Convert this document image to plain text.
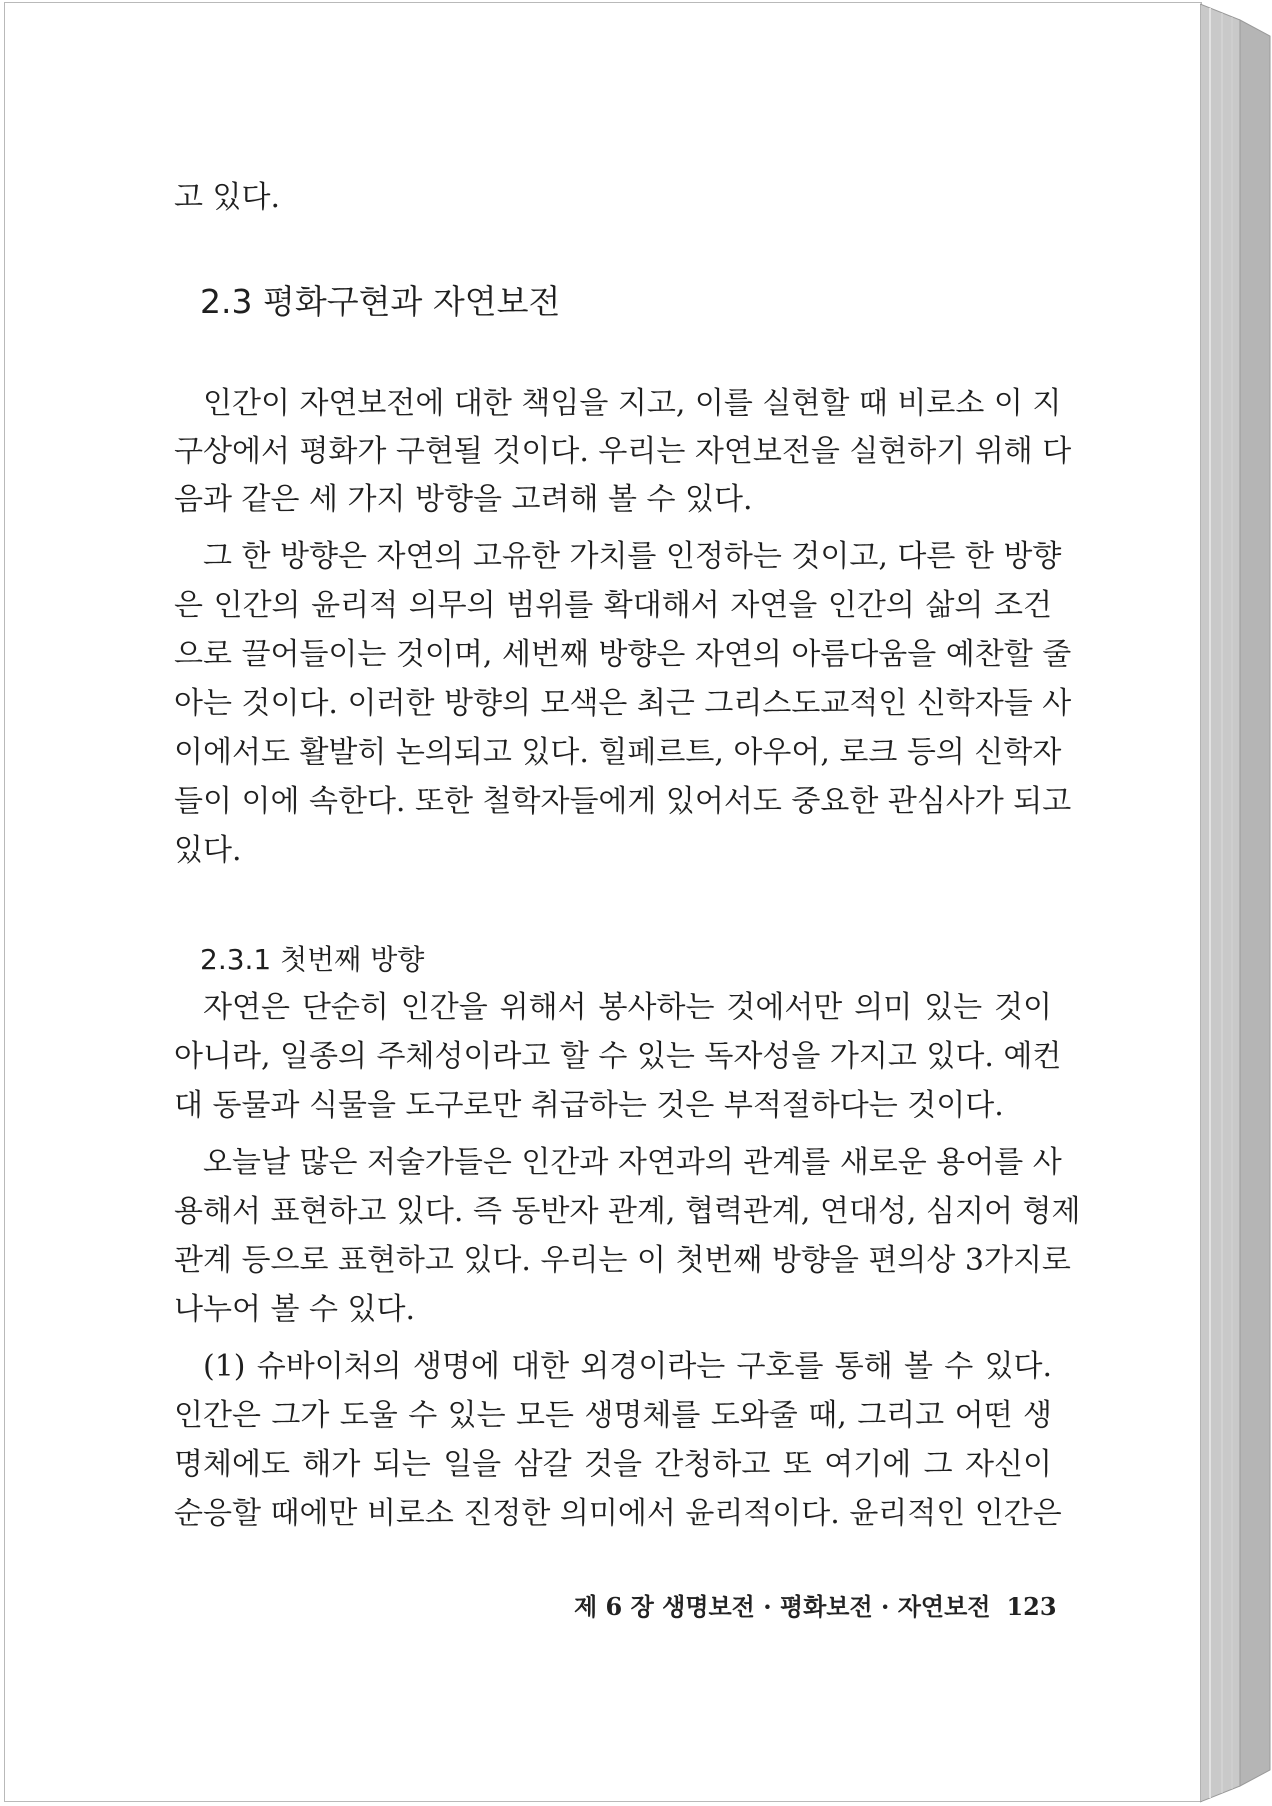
고 있다.
2.3 평화구현과 자연보전
인간이 자연보전에 대한 책임을 지고, 이를 실현할 때 비로소 이 지
구상에서 평화가 구현될 것이다. 우리는 자연보전을 실현하기 위해 다
음과 같은 세 가지 방향을 고려해 볼 수 있다.
그 한 방향은 자연의 고유한 가치를 인정하는 것이고, 다른 한 방향
은 인간의 윤리적 의무의 범위를 확대해서 자연을 인간의 삶의 조건
으로 끌어들이는 것이며, 세번째 방향은 자연의 아름다움을 예찬할 줄
아는 것이다. 이러한 방향의 모색은 최근 그리스도교적인 신학자들 사
이에서도 활발히 논의되고 있다. 힐페르트, 아우어, 로크 등의 신학자
들이 이에 속한다. 또한 철학자들에게 있어서도 중요한 관심사가 되고
있다.
2.3.1 첫번째 방향
자연은 단순히 인간을 위해서 봉사하는 것에서만 의미 있는 것이
아니라, 일종의 주체성이라고 할 수 있는 독자성을 가지고 있다. 예컨
대 동물과 식물을 도구로만 취급하는 것은 부적절하다는 것이다.
오늘날 많은 저술가들은 인간과 자연과의 관계를 새로운 용어를 사
용해서 표현하고 있다. 즉 동반자 관계, 협력관계, 연대성, 심지어 형제
관계 등으로 표현하고 있다. 우리는 이 첫번째 방향을 편의상 3가지로
나누어 볼 수 있다.
(1) 슈바이처의 생명에 대한 외경이라는 구호를 통해 볼 수 있다.
인간은 그가 도울 수 있는 모든 생명체를 도와줄 때, 그리고 어떤 생
명체에도 해가 되는 일을 삼갈 것을 간청하고 또 여기에 그 자신이
순응할 때에만 비로소 진정한 의미에서 윤리적이다. 윤리적인 인간은
제 6 장 생명보전 · 평화보전 · 자연보전 123
